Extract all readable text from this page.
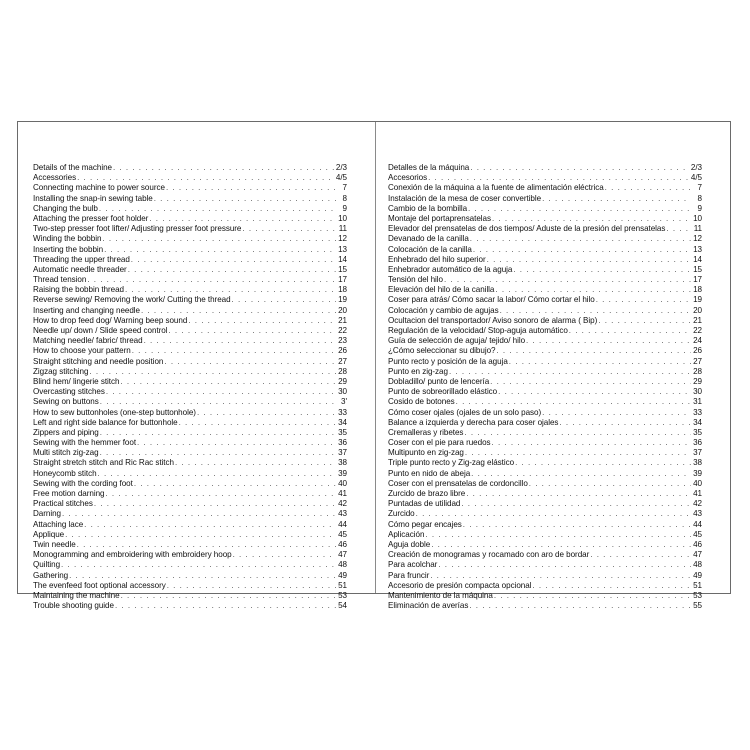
Details of the machine . . .	2/3
Accessories . . .	4/5
Connecting machine to power source . . .	7
Installing the snap-in sewing table . . .	8
Changing the bulb . . .	9
Attaching the presser foot holder . . .	10
Two-step presser foot lifter/ Adjusting presser foot pressure . . .	11
Winding the bobbin . . .	12
Inserting the bobbin . . .	13
Threading the upper thread . . .	14
Automatic needle threader . . .	15
Thread tension . . .	17
Raising the bobbin thread . . .	18
Reverse sewing/ Removing the work/ Cutting the thread . . .	19
Inserting and changing needle . . .	20
How to drop feed dog/ Warning beep sound . . .	21
Needle up/ down / Slide speed control . . .	22
Matching needle/ fabric/ thread . . .	23
How to choose your pattern . . .	26
Straight stitching and needle position . . .	27
Zigzag stitching . . .	28
Blind hem/ lingerie stitch . . .	29
Overcasting stitches . . .	30
Sewing on buttons . . .	3'
How to sew buttonholes (one-step buttonhole) . . .	33
Left and right side balance for buttonhole . . .	34
Zippers and piping . . .	35
Sewing with the hemmer foot . . .	36
Multi stitch zig-zag . . .	37
Straight stretch stitch and Ric Rac stitch . . .	38
Honeycomb stitch . . .	39
Sewing with the cording foot . . .	40
Free motion darning . . .	41
Practical stitches . . .	42
Darning . . .	43
Attaching lace . . .	44
Applique . . .	45
Twin needle . . .	46
Monogramming and embroidering with embroidery hoop . . .	47
Quilting . . .	48
Gathering . . .	49
The evenfeed foot optional accessory . . .	51
Maintaining the machine . . .	53
Trouble shooting guide . . .	54
Detalles de la máquina . . .	2/3
Accesorios . . .	4/5
Conexión de la máquina a la fuente de alimentación eléctrica . . .	7
Instalación de la mesa de coser convertible . . .	8
Cambio de la bombilla . . .	9
Montaje del portaprensatelas . . .	10
Elevador del prensatelas de dos tiempos/ Aduste de la presión del prensatelas . . .	11
Devanado de la canilla . . .	12
Colocación de la canilla . . .	13
Enhebrado del hilo superior . . .	14
Enhebrador automático de la aguja . . .	15
Tensión del hilo . . .	17
Elevación del hilo de la canilla . . .	18
Coser para atrás/ Cómo sacar la labor/ Cómo cortar el hilo . . .	19
Colocación y cambio de agujas . . .	20
Ocultacion del transportador/ Aviso sonoro de alarma ( Bip) . . .	21
Regulación de la velocidad/ Stop-aguja automático . . .	22
Guía de selección de aguja/ tejido/ hilo . . .	24
¿Cómo seleccionar su dibujo? . . .	26
Punto recto y posición de la aguja . . .	27
Punto en zig-zag . . .	28
Dobladillo/ punto de lencería . . .	29
Punto de sobreorillado elástico . . .	30
Cosido de botones . . .	31
Cómo coser ojales (ojales de un solo paso) . . .	33
Balance a izquierda y derecha para coser ojales . . .	34
Cremalleras y ribetes . . .	35
Coser con el pie para ruedos . . .	36
Multipunto en zig-zag . . .	37
Triple punto recto y Zig-zag elástico . . .	38
Punto en nido de abeja . . .	39
Coser con el prensatelas de cordoncillo . . .	40
Zurcido de brazo libre . . .	41
Puntadas de utilidad . . .	42
Zurcido . . .	43
Cómo pegar encajes . . .	44
Aplicación . . .	45
Aguja doble . . .	46
Creación de monogramas y rocamado con aro de bordar . . .	47
Para acolchar . . .	48
Para fruncir . . .	49
Accesorio de presión compacta opcional . . .	51
Mantenimiento de la máquina . . .	53
Eliminación de averías . . .	55
